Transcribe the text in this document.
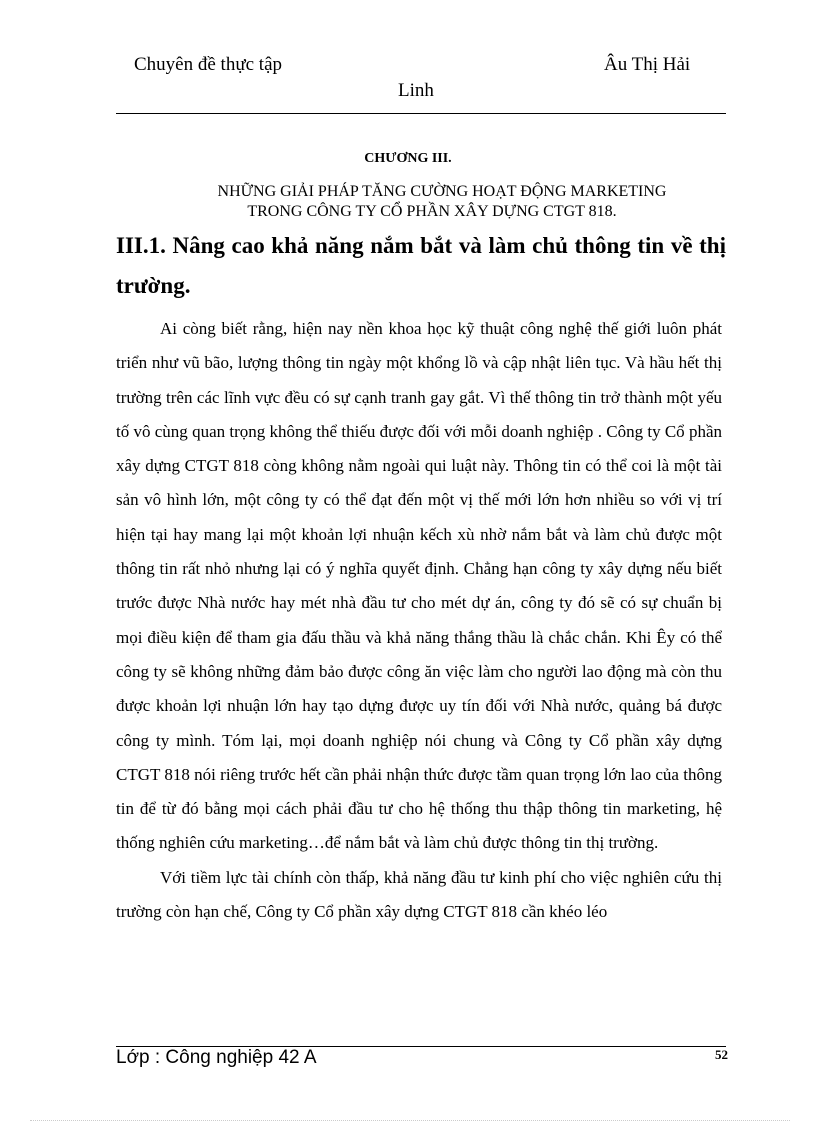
Chuyên đề thực tập	Âu Thị Hải
Linh
CHƯƠNG III.
NHỮNG GIẢI PHÁP TĂNG CƯỜNG HOẠT ĐỘNG MARKETING
TRONG CÔNG TY CỔ PHẦN XÂY DỰNG CTGT 818.
III.1. Nâng cao khả năng nắm bắt và làm chủ thông tin về thị trường.

Ai còng biết rằng, hiện nay nền khoa học kỹ thuật công nghệ thế giới luôn phát triển như vũ bão, lượng thông tin ngày một khổng lồ và cập nhật liên tục. Và hầu hết thị trường trên các lĩnh vực đều có sự cạnh tranh gay gắt. Vì thế thông tin trở thành một yếu tố vô cùng quan trọng không thể thiếu được đối với mỗi doanh nghiệp . Công ty Cổ phần xây dựng CTGT 818 còng không nằm ngoài qui luật này. Thông tin có thể coi là một tài sản vô hình lớn, một công ty có thể đạt đến một vị thế mới lớn hơn nhiều so với vị trí hiện tại hay mang lại một khoản lợi nhuận kếch xù nhờ nắm bắt và làm chủ được một thông tin rất nhỏ nhưng lại có ý nghĩa quyết định. Chẳng hạn công ty xây dựng nếu biết trước được Nhà nước hay mét nhà đầu tư cho mét dự án, công ty đó sẽ có sự chuẩn bị mọi điều kiện để tham gia đấu thầu và khả năng thắng thầu là chắc chắn. Khi Êy có thể công ty sẽ không những đảm bảo được công ăn việc làm cho người lao động mà còn thu được khoản lợi nhuận lớn hay tạo dựng được uy tín đối với Nhà nước, quảng bá được công ty mình. Tóm lại, mọi doanh nghiệp nói chung và Công ty Cổ phần xây dựng CTGT 818 nói riêng trước hết cần phải nhận thức được tầm quan trọng lớn lao của thông tin để từ đó bằng mọi cách phải đầu tư cho hệ thống thu thập thông tin marketing, hệ thống nghiên cứu marketing…để nắm bắt và làm chủ được thông tin thị trường.

Với tiềm lực tài chính còn thấp, khả năng đầu tư kinh phí cho việc nghiên cứu thị trường còn hạn chế, Công ty Cổ phần xây dựng CTGT 818 cần khéo léo

Lớp : Công nghiệp 42 A	52
